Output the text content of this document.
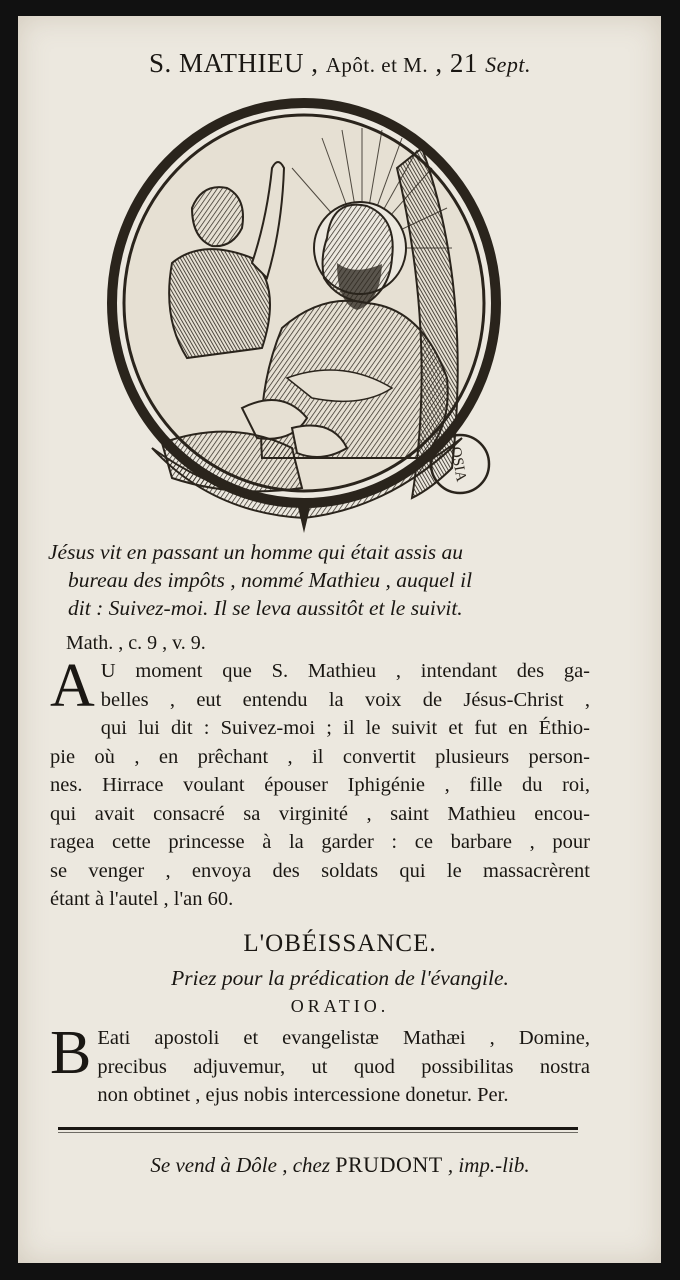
S. MATHIEU , Apôt. et M. , 21 Sept.
OSIA
Jésus vit en passant un homme qui était assis au
bureau des impôts , nommé Mathieu , auquel il
dit : Suivez-moi. Il se leva aussitôt et le suivit.
Math. , c. 9 , v. 9.
A U moment que S. Mathieu , intendant des ga-
belles , eut entendu la voix de Jésus-Christ ,
qui lui dit : Suivez-moi ; il le suivit et fut en Éthio-
pie où , en prêchant , il convertit plusieurs person-
nes. Hirrace voulant épouser Iphigénie , fille du roi,
qui avait consacré sa virginité , saint Mathieu encou-
ragea cette princesse à la garder : ce barbare , pour
se venger , envoya des soldats qui le massacrèrent
étant à l'autel , l'an 60.
L'OBÉISSANCE.
Priez pour la prédication de l'évangile.
ORATIO.
B Eati apostoli et evangelistæ Mathæi , Domine,
precibus adjuvemur, ut quod possibilitas nostra
non obtinet , ejus nobis intercessione donetur. Per.
Se vend à Dôle , chez PRUDONT , imp.-lib.
